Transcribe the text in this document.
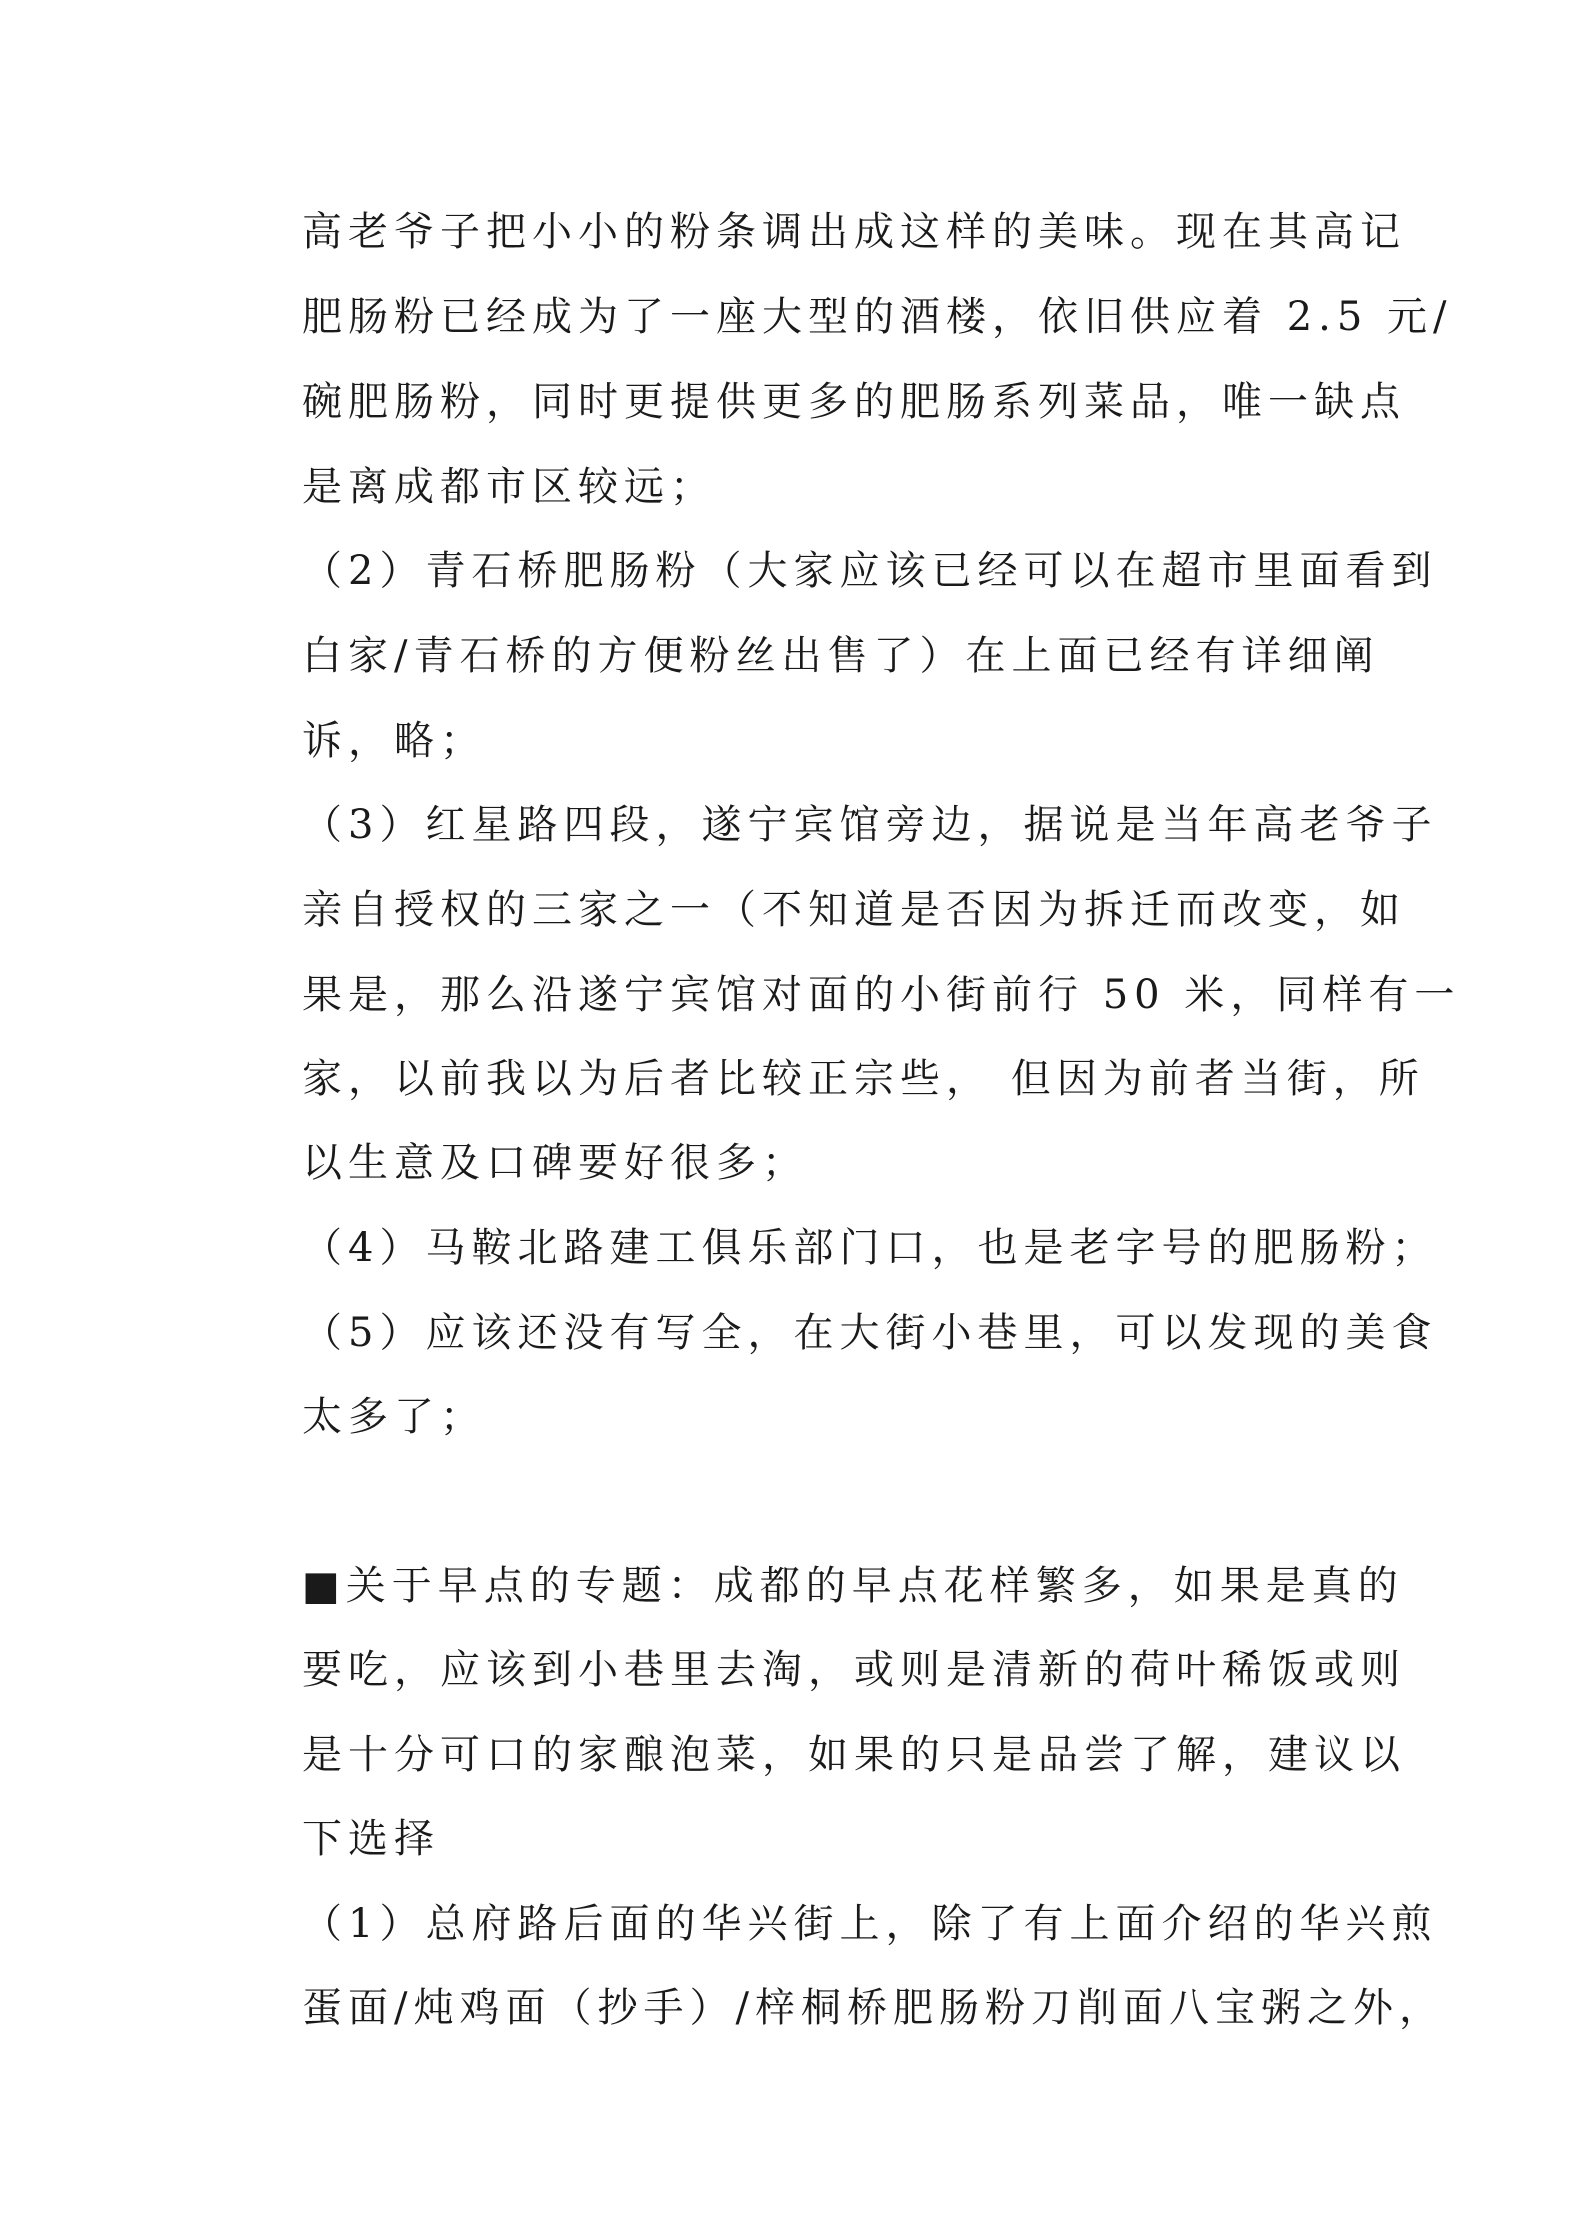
高老爷子把小小的粉条调出成这样的美味。现在其高记
肥肠粉已经成为了一座大型的酒楼，依旧供应着 2.5 元/
碗肥肠粉，同时更提供更多的肥肠系列菜品，唯一缺点
是离成都市区较远；
（2）青石桥肥肠粉（大家应该已经可以在超市里面看到
白家/青石桥的方便粉丝出售了）在上面已经有详细阐
诉，略；
（3）红星路四段，遂宁宾馆旁边，据说是当年高老爷子
亲自授权的三家之一（不知道是否因为拆迁而改变，如
果是，那么沿遂宁宾馆对面的小街前行 50 米，同样有一
家，以前我以为后者比较正宗些， 但因为前者当街，所
以生意及口碑要好很多；
（4）马鞍北路建工俱乐部门口，也是老字号的肥肠粉；
（5）应该还没有写全，在大街小巷里，可以发现的美食
太多了；
■关于早点的专题：成都的早点花样繁多，如果是真的
要吃，应该到小巷里去淘，或则是清新的荷叶稀饭或则
是十分可口的家酿泡菜，如果的只是品尝了解，建议以
下选择
（1）总府路后面的华兴街上，除了有上面介绍的华兴煎
蛋面/炖鸡面（抄手）/梓桐桥肥肠粉刀削面八宝粥之外，
